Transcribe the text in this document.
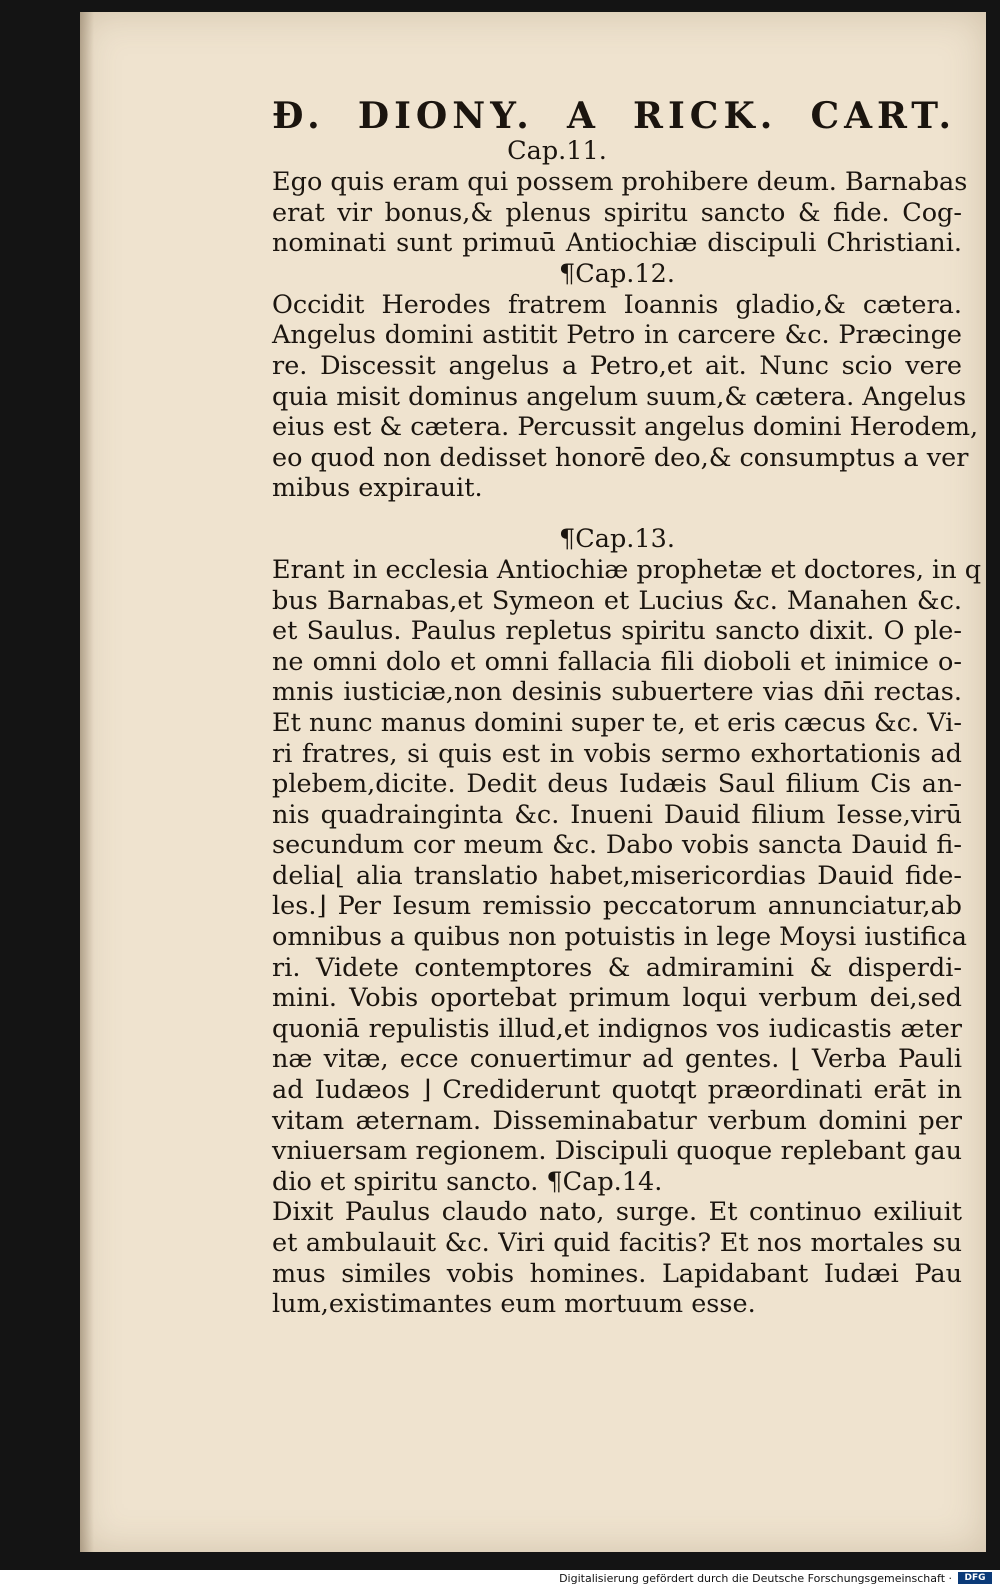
Ð. DIONY. A RICK. CART.
Cap.11.
Ego quis eram qui possem prohibere deum. Barnabas
erat vir bonus,& plenus spiritu sancto & fide. Cog-
nominati sunt primuū Antiochiæ discipuli Christiani.
¶Cap.12.
Occidit Herodes fratrem Ioannis gladio,& cætera.
Angelus domini astitit Petro in carcere &c. Præcinge
re. Discessit angelus a Petro,et ait. Nunc scio vere
quia misit dominus angelum suum,& cætera. Angelus
eius est & cætera. Percussit angelus domini Herodem,
eo quod non dedisset honorē deo,& consumptus a ver
mibus expirauit.
¶Cap.13.
Erant in ecclesia Antiochiæ prophetæ et doctores, in q
bus Barnabas,et Symeon et Lucius &c. Manahen &c.
et Saulus. Paulus repletus spiritu sancto dixit. O ple-
ne omni dolo et omni fallacia fili dioboli et inimice o-
mnis iusticiæ,non desinis subuertere vias dn̄i rectas.
Et nunc manus domini super te, et eris cæcus &c. Vi-
ri fratres, si quis est in vobis sermo exhortationis ad
plebem,dicite. Dedit deus Iudæis Saul filium Cis an-
nis quadrainginta &c. Inueni Dauid filium Iesse,virū
secundum cor meum &c. Dabo vobis sancta Dauid fi-
delia⌊ alia translatio habet,misericordias Dauid fide-
les.⌋ Per Iesum remissio peccatorum annunciatur,ab
omnibus a quibus non potuistis in lege Moysi iustifica
ri. Videte contemptores & admiramini & disperdi-
mini. Vobis oportebat primum loqui verbum dei,sed
quoniā repulistis illud,et indignos vos iudicastis æter
næ vitæ, ecce conuertimur ad gentes. ⌊ Verba Pauli
ad Iudæos ⌋ Crediderunt quotqt præordinati erāt in
vitam æternam. Disseminabatur verbum domini per
vniuersam regionem. Discipuli quoque replebant gau
dio et spiritu sancto. ¶Cap.14.
Dixit Paulus claudo nato, surge. Et continuo exiliuit
et ambulauit &c. Viri quid facitis? Et nos mortales su
mus similes vobis homines. Lapidabant Iudæi Pau
lum,existimantes eum mortuum esse.
Digitalisierung gefördert durch die Deutsche Forschungsgemeinschaft ·	DFG
